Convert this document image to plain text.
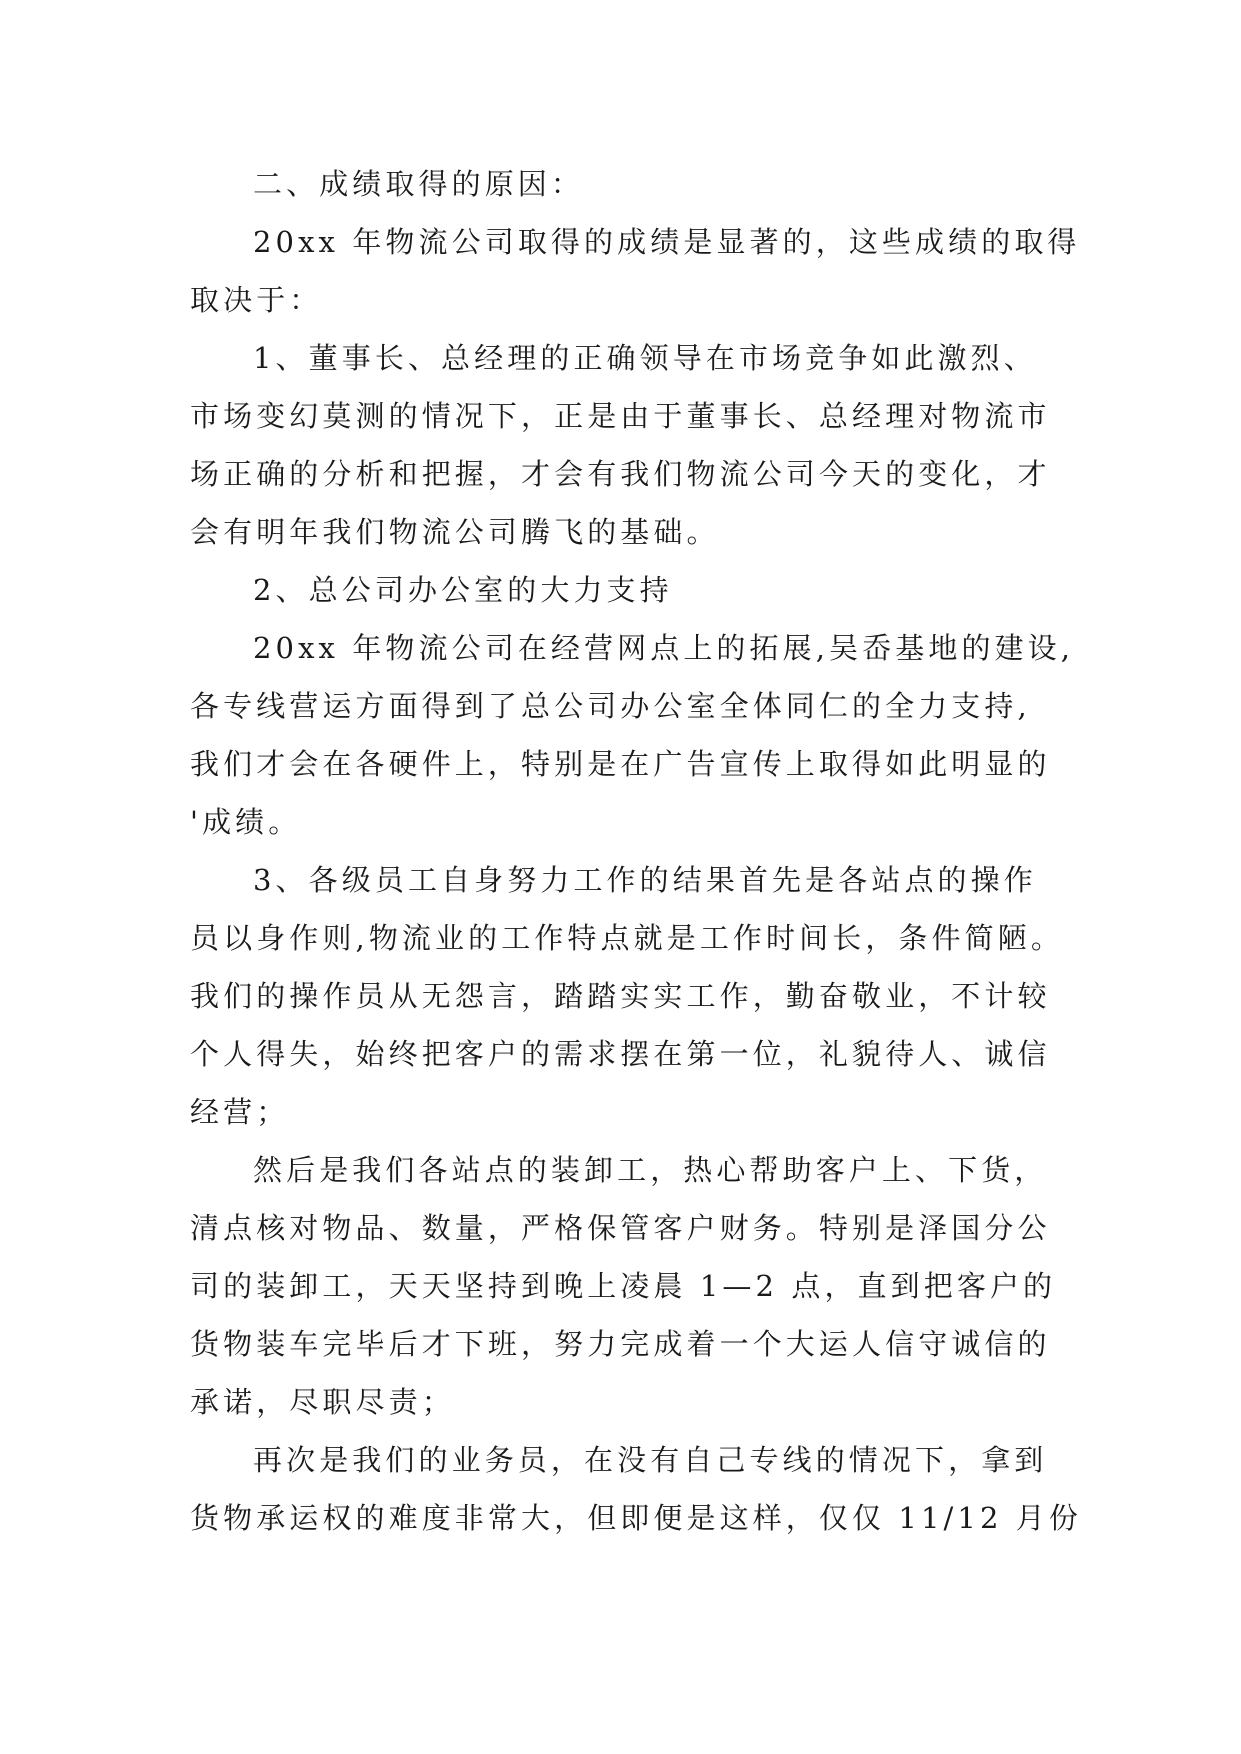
二、成绩取得的原因：
20xx 年物流公司取得的成绩是显著的，这些成绩的取得
取决于：
1、董事长、总经理的正确领导在市场竞争如此激烈、
市场变幻莫测的情况下，正是由于董事长、总经理对物流市
场正确的分析和把握，才会有我们物流公司今天的变化，才
会有明年我们物流公司腾飞的基础。
2、总公司办公室的大力支持
20xx 年物流公司在经营网点上的拓展,吴岙基地的建设,
各专线营运方面得到了总公司办公室全体同仁的全力支持,
我们才会在各硬件上，特别是在广告宣传上取得如此明显的
'成绩。
3、各级员工自身努力工作的结果首先是各站点的操作
员以身作则,物流业的工作特点就是工作时间长，条件简陋。
我们的操作员从无怨言，踏踏实实工作，勤奋敬业，不计较
个人得失，始终把客户的需求摆在第一位，礼貌待人、诚信
经营；
然后是我们各站点的装卸工，热心帮助客户上、下货，
清点核对物品、数量，严格保管客户财务。特别是泽国分公
司的装卸工，天天坚持到晚上凌晨 1—2 点，直到把客户的
货物装车完毕后才下班，努力完成着一个大运人信守诚信的
承诺，尽职尽责；
再次是我们的业务员，在没有自己专线的情况下，拿到
货物承运权的难度非常大，但即便是这样，仅仅 11/12 月份
